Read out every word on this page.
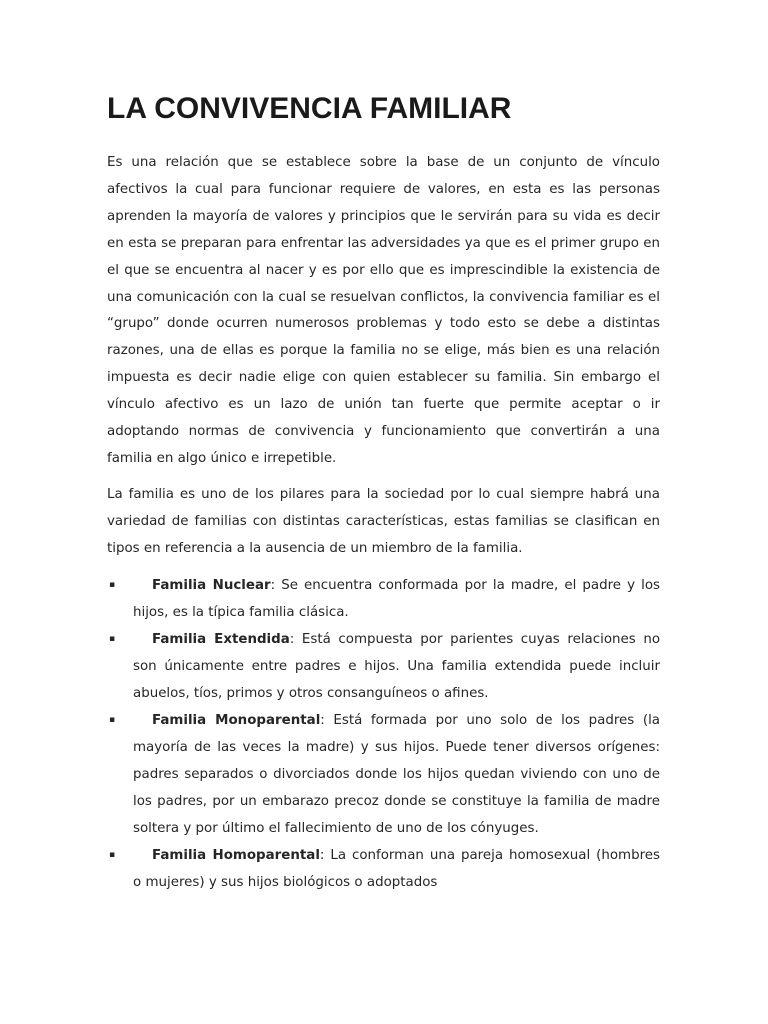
LA CONVIVENCIA FAMILIAR

Es una relación que se establece sobre la base de un conjunto de vínculo afectivos la cual para funcionar requiere de valores, en esta es las personas aprenden la mayoría de valores y principios que le servirán para su vida es decir en esta se preparan para enfrentar las adversidades ya que es el primer grupo en el que se encuentra al nacer y es por ello que es imprescindible la existencia de una comunicación con la cual se resuelvan conflictos, la convivencia familiar es el “grupo” donde ocurren numerosos problemas y todo esto se debe a distintas razones, una de ellas es porque la familia no se elige, más bien es una relación impuesta es decir nadie elige con quien establecer su familia. Sin embargo el vínculo afectivo es un lazo de unión tan fuerte que permite aceptar o ir adoptando normas de convivencia y funcionamiento que convertirán a una familia en algo único e irrepetible.

La familia es uno de los pilares para la sociedad por lo cual siempre habrá una variedad de familias con distintas características, estas familias se clasifican en tipos en referencia a la ausencia de un miembro de la familia.

▪	Familia Nuclear: Se encuentra conformada por la madre, el padre y los hijos, es la típica familia clásica.
▪	Familia Extendida: Está compuesta por parientes cuyas relaciones no son únicamente entre padres e hijos. Una familia extendida puede incluir abuelos, tíos, primos y otros consanguíneos o afines.
▪	Familia Monoparental: Está formada por uno solo de los padres (la mayoría de las veces la madre) y sus hijos. Puede tener diversos orígenes: padres separados o divorciados donde los hijos quedan viviendo con uno de los padres, por un embarazo precoz donde se constituye la familia de madre soltera y por último el fallecimiento de uno de los cónyuges.
▪	Familia Homoparental: La conforman una pareja homosexual (hombres o mujeres) y sus hijos biológicos o adoptados
